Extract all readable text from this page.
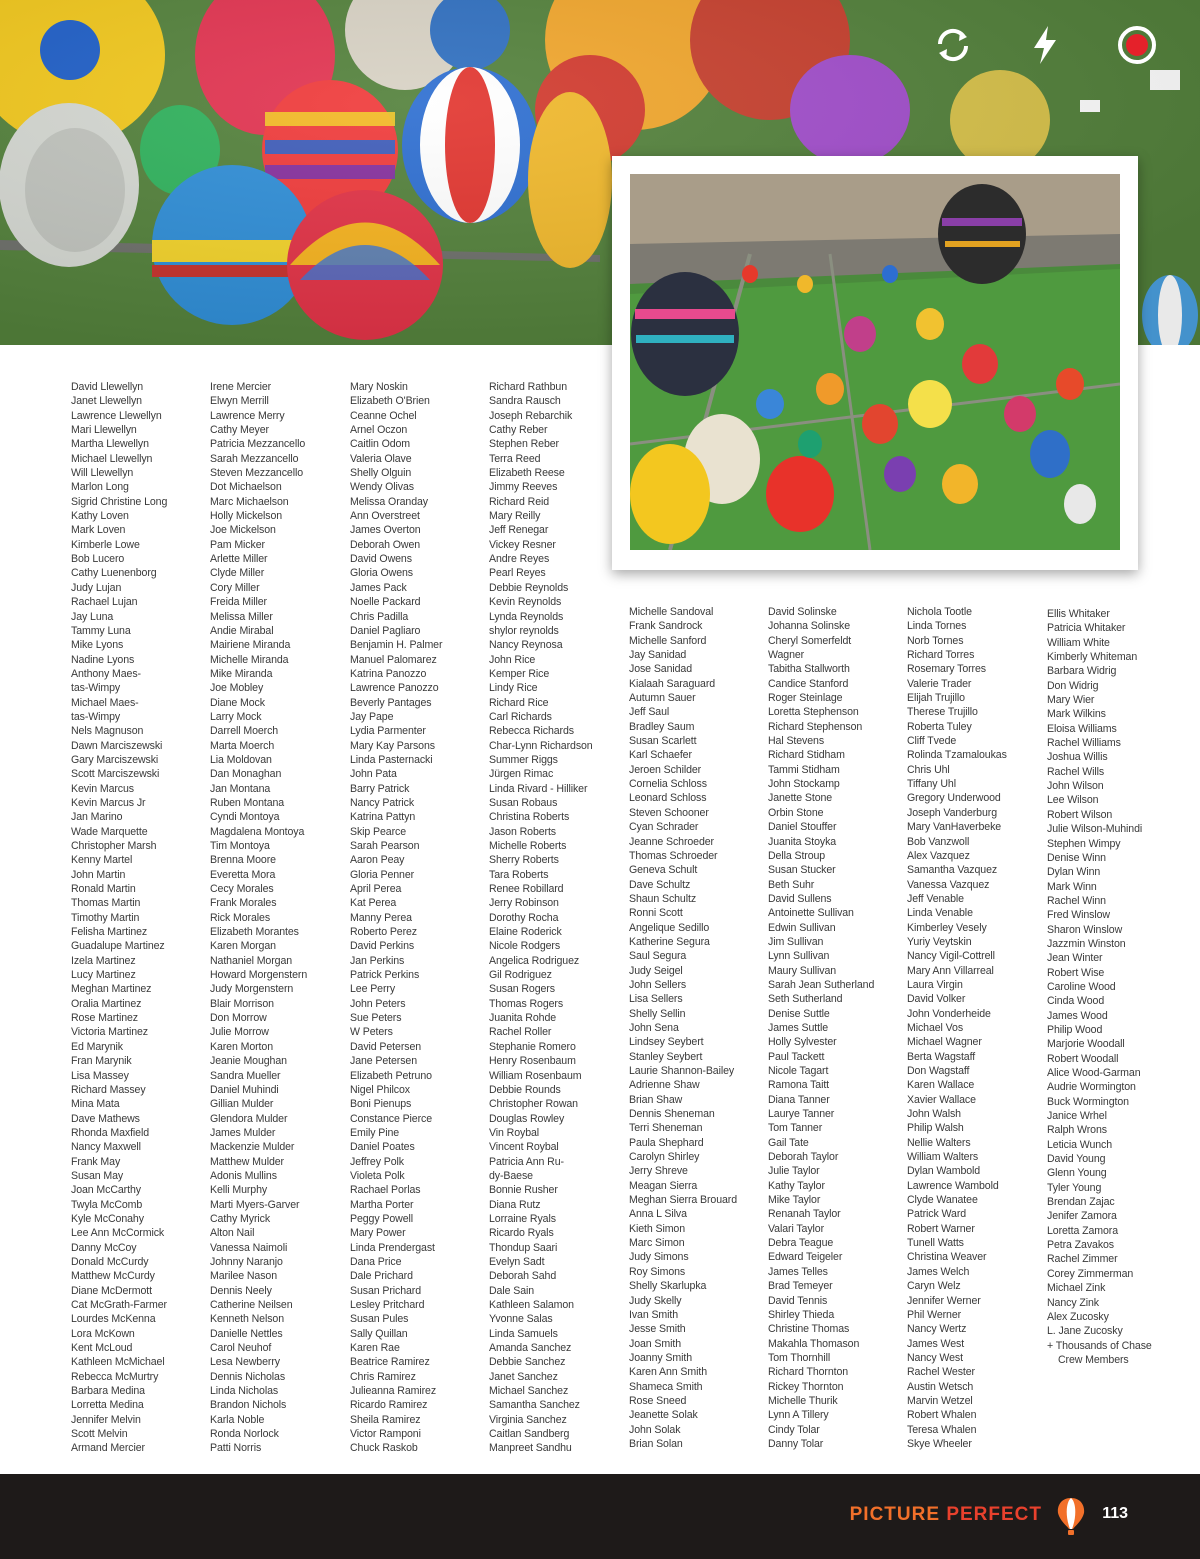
David Llewellyn
Janet Llewellyn
Lawrence Llewellyn
Mari Llewellyn
Martha Llewellyn
Michael Llewellyn
Will Llewellyn
Marlon Long
Sigrid Christine Long
Kathy Loven
Mark Loven
Kimberle Lowe
Bob Lucero
Cathy Luenenborg
Judy Lujan
Rachael Lujan
Jay Luna
Tammy Luna
Mike Lyons
Nadine Lyons
Anthony Maes-
tas-Wimpy
Michael Maes-
tas-Wimpy
Nels Magnuson
Dawn Marciszewski
Gary Marciszewski
Scott Marciszewski
Kevin Marcus
Kevin Marcus Jr
Jan Marino
Wade Marquette
Christopher Marsh
Kenny Martel
John Martin
Ronald Martin
Thomas Martin
Timothy Martin
Felisha Martinez
Guadalupe Martinez
Izela Martinez
Lucy Martinez
Meghan Martinez
Oralia Martinez
Rose Martinez
Victoria Martinez
Ed Marynik
Fran Marynik
Lisa Massey
Richard Massey
Mina Mata
Dave Mathews
Rhonda Maxfield
Nancy Maxwell
Frank May
Susan May
Joan McCarthy
Twyla McComb
Kyle McConahy
Lee Ann McCormick
Danny McCoy
Donald McCurdy
Matthew McCurdy
Diane McDermott
Cat McGrath-Farmer
Lourdes McKenna
Lora McKown
Kent McLoud
Kathleen McMichael
Rebecca McMurtry
Barbara Medina
Lorretta Medina
Jennifer Melvin
Scott Melvin
Armand Mercier
Irene Mercier
Elwyn Merrill
Lawrence Merry
Cathy Meyer
Patricia Mezzancello
Sarah Mezzancello
Steven Mezzancello
Dot Michaelson
Marc Michaelson
Holly Mickelson
Joe Mickelson
Pam Micker
Arlette Miller
Clyde Miller
Cory Miller
Freida Miller
Melissa Miller
Andie Mirabal
Mairiene Miranda
Michelle Miranda
Mike Miranda
Joe Mobley
Diane Mock
Larry Mock
Darrell Moerch
Marta Moerch
Lia Moldovan
Dan Monaghan
Jan Montana
Ruben Montana
Cyndi Montoya
Magdalena Montoya
Tim Montoya
Brenna Moore
Everetta Mora
Cecy Morales
Frank Morales
Rick Morales
Elizabeth Morantes
Karen Morgan
Nathaniel Morgan
Howard Morgenstern
Judy Morgenstern
Blair Morrison
Don Morrow
Julie Morrow
Karen Morton
Jeanie Moughan
Sandra Mueller
Daniel Muhindi
Gillian Mulder
Glendora Mulder
James Mulder
Mackenzie Mulder
Matthew Mulder
Adonis Mullins
Kelli Murphy
Marti Myers-Garver
Cathy Myrick
Alton Nail
Vanessa Naimoli
Johnny Naranjo
Marilee Nason
Dennis Neely
Catherine Neilsen
Kenneth Nelson
Danielle Nettles
Carol Neuhof
Lesa Newberry
Dennis Nicholas
Linda Nicholas
Brandon Nichols
Karla Noble
Ronda Norlock
Patti Norris
Mary Noskin
Elizabeth O'Brien
Ceanne Ochel
Arnel Oczon
Caitlin Odom
Valeria Olave
Shelly Olguin
Wendy Olivas
Melissa Oranday
Ann Overstreet
James Overton
Deborah Owen
David Owens
Gloria Owens
James Pack
Noelle Packard
Chris Padilla
Daniel Pagliaro
Benjamin H. Palmer
Manuel Palomarez
Katrina Panozzo
Lawrence Panozzo
Beverly Pantages
Jay Pape
Lydia Parmenter
Mary Kay Parsons
Linda Pasternacki
John Pata
Barry Patrick
Nancy Patrick
Katrina Pattyn
Skip Pearce
Sarah Pearson
Aaron Peay
Gloria Penner
April Perea
Kat Perea
Manny Perea
Roberto Perez
David Perkins
Jan Perkins
Patrick Perkins
Lee Perry
John Peters
Sue Peters
W Peters
David Petersen
Jane Petersen
Elizabeth Petruno
Nigel Philcox
Boni Pienups
Constance Pierce
Emily Pine
Daniel Poates
Jeffrey Polk
Violeta Polk
Rachael Porlas
Martha Porter
Peggy Powell
Mary Power
Linda Prendergast
Dana Price
Dale Prichard
Susan Prichard
Lesley Pritchard
Susan Pules
Sally Quillan
Karen Rae
Beatrice Ramirez
Chris Ramirez
Julieanna Ramirez
Ricardo Ramirez
Sheila Ramirez
Victor Ramponi
Chuck Raskob
Richard Rathbun
Sandra Rausch
Joseph Rebarchik
Cathy Reber
Stephen Reber
Terra Reed
Elizabeth Reese
Jimmy Reeves
Richard Reid
Mary Reilly
Jeff Renegar
Vickey Resner
Andre Reyes
Pearl Reyes
Debbie Reynolds
Kevin Reynolds
Lynda Reynolds
shylor reynolds
Nancy Reynosa
John Rice
Kemper Rice
Lindy Rice
Richard Rice
Carl Richards
Rebecca Richards
Char-Lynn Richardson
Summer Riggs
Jürgen Rimac
Linda Rivard - Hilliker
Susan Robaus
Christina Roberts
Jason Roberts
Michelle Roberts
Sherry Roberts
Tara Roberts
Renee Robillard
Jerry Robinson
Dorothy Rocha
Elaine Roderick
Nicole Rodgers
Angelica Rodriguez
Gil Rodriguez
Susan Rogers
Thomas Rogers
Juanita Rohde
Rachel Roller
Stephanie Romero
Henry Rosenbaum
William Rosenbaum
Debbie Rounds
Christopher Rowan
Douglas Rowley
Vin Roybal
Vincent Roybal
Patricia Ann Ru-
dy-Baese
Bonnie Rusher
Diana Rutz
Lorraine Ryals
Ricardo Ryals
Thondup Saari
Evelyn Sadt
Deborah Sahd
Dale Sain
Kathleen Salamon
Yvonne Salas
Linda Samuels
Amanda Sanchez
Debbie Sanchez
Janet Sanchez
Michael Sanchez
Samantha Sanchez
Virginia Sanchez
Caitlan Sandberg
Manpreet Sandhu
Michelle Sandoval
Frank Sandrock
Michelle Sanford
Jay Sanidad
Jose Sanidad
Kialaah Saraguard
Autumn Sauer
Jeff Saul
Bradley Saum
Susan Scarlett
Karl Schaefer
Jeroen Schilder
Cornelia Schloss
Leonard Schloss
Steven Schooner
Cyan Schrader
Jeanne Schroeder
Thomas Schroeder
Geneva Schult
Dave Schultz
Shaun Schultz
Ronni Scott
Angelique Sedillo
Katherine Segura
Saul Segura
Judy Seigel
John Sellers
Lisa Sellers
Shelly Sellin
John Sena
Lindsey Seybert
Stanley Seybert
Laurie Shannon-Bailey
Adrienne Shaw
Brian Shaw
Dennis Sheneman
Terri Sheneman
Paula Shephard
Carolyn Shirley
Jerry Shreve
Meagan Sierra
Meghan Sierra Brouard
Anna L Silva
Kieth Simon
Marc Simon
Judy Simons
Roy Simons
Shelly Skarlupka
Judy Skelly
Ivan Smith
Jesse Smith
Joan Smith
Joanny Smith
Karen Ann Smith
Shameca Smith
Rose Sneed
Jeanette Solak
John Solak
Brian Solan
David Solinske
Johanna Solinske
Cheryl Somerfeldt
Wagner
Tabitha Stallworth
Candice Stanford
Roger Steinlage
Loretta Stephenson
Richard Stephenson
Hal Stevens
Richard Stidham
Tammi Stidham
John Stockamp
Janette Stone
Orbin Stone
Daniel Stouffer
Juanita Stoyka
Della Stroup
Susan Stucker
Beth Suhr
David Sullens
Antoinette Sullivan
Edwin Sullivan
Jim Sullivan
Lynn Sullivan
Maury Sullivan
Sarah Jean Sutherland
Seth Sutherland
Denise Suttle
James Suttle
Holly Sylvester
Paul Tackett
Nicole Tagart
Ramona Taitt
Diana Tanner
Laurye Tanner
Tom Tanner
Gail Tate
Deborah Taylor
Julie Taylor
Kathy Taylor
Mike Taylor
Renanah Taylor
Valari Taylor
Debra Teague
Edward Teigeler
James Telles
Brad Temeyer
David Tennis
Shirley Thieda
Christine Thomas
Makahla Thomason
Tom Thornhill
Richard Thornton
Rickey Thornton
Michelle Thurik
Lynn A Tillery
Cindy Tolar
Danny Tolar
Nichola Tootle
Linda Tornes
Norb Tornes
Richard Torres
Rosemary Torres
Valerie Trader
Elijah Trujillo
Therese Trujillo
Roberta Tuley
Cliff Tvede
Rolinda Tzamaloukas
Chris Uhl
Tiffany Uhl
Gregory Underwood
Joseph Vanderburg
Mary VanHaverbeke
Bob Vanzwoll
Alex Vazquez
Samantha Vazquez
Vanessa Vazquez
Jeff Venable
Linda Venable
Kimberley Vesely
Yuriy Veytskin
Nancy Vigil-Cottrell
Mary Ann Villarreal
Laura Virgin
David Volker
John Vonderheide
Michael Vos
Michael Wagner
Berta Wagstaff
Don Wagstaff
Karen Wallace
Xavier Wallace
John Walsh
Philip Walsh
Nellie Walters
William Walters
Dylan Wambold
Lawrence Wambold
Clyde Wanatee
Patrick Ward
Robert Warner
Tunell Watts
Christina Weaver
James Welch
Caryn Welz
Jennifer Werner
Phil Werner
Nancy Wertz
James West
Nancy West
Rachel Wester
Austin Wetsch
Marvin Wetzel
Robert Whalen
Teresa Whalen
Skye Wheeler
Ellis Whitaker
Patricia Whitaker
William White
Kimberly Whiteman
Barbara Widrig
Don Widrig
Mary Wier
Mark Wilkins
Eloisa Williams
Rachel Williams
Joshua Willis
Rachel Wills
John Wilson
Lee Wilson
Robert Wilson
Julie Wilson-Muhindi
Stephen Wimpy
Denise Winn
Dylan Winn
Mark Winn
Rachel Winn
Fred Winslow
Sharon Winslow
Jazzmin Winston
Jean Winter
Robert Wise
Caroline Wood
Cinda Wood
James Wood
Philip Wood
Marjorie Woodall
Robert Woodall
Alice Wood-Garman
Audrie Wormington
Buck Wormington
Janice Wrhel
Ralph Wrons
Leticia Wunch
David Young
Glenn Young
Tyler Young
Brendan Zajac
Jenifer Zamora
Loretta Zamora
Petra Zavakos
Rachel Zimmer
Corey Zimmerman
Michael Zink
Nancy Zink
Alex Zucosky
L. Jane Zucosky
+ Thousands of Chase
Crew Members
PICTURE PERFECT	113
